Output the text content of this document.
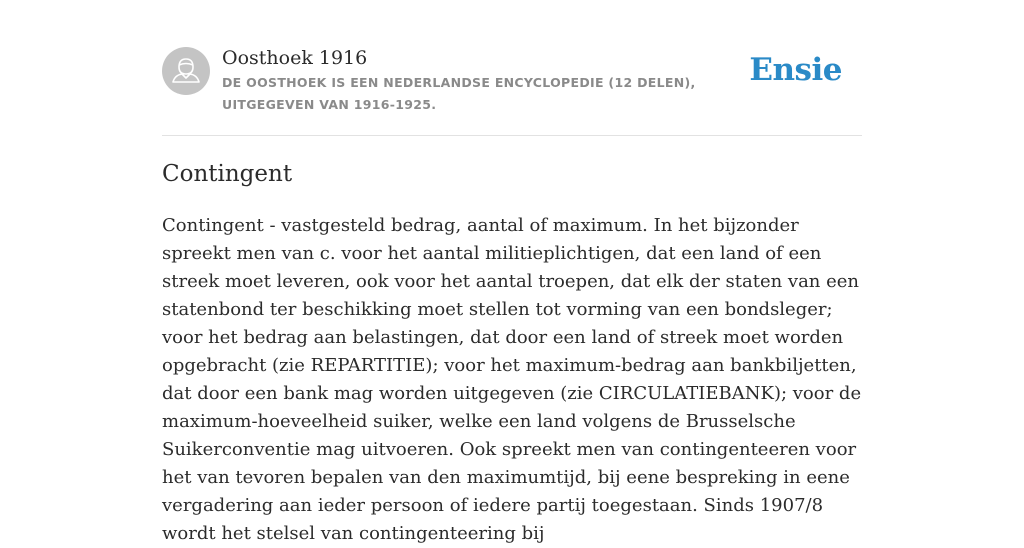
Oosthoek 1916
DE OOSTHOEK IS EEN NEDERLANDSE ENCYCLOPEDIE (12 DELEN), UITGEGEVEN VAN 1916-1925.
Ensie
Contingent

Contingent - vastgesteld bedrag, aantal of maximum. In het bijzonder spreekt men van c. voor het aantal militieplichtigen, dat een land of een streek moet leveren, ook voor het aantal troepen, dat elk der staten van een statenbond ter beschikking moet stellen tot vorming van een bondsleger; voor het bedrag aan belastingen, dat door een land of streek moet worden opgebracht (zie REPARTITIE); voor het maximum-bedrag aan bankbiljetten, dat door een bank mag worden uitgegeven (zie CIRCULATIEBANK); voor de maximum-hoeveelheid suiker, welke een land volgens de Brusselsche Suikerconventie mag uitvoeren. Ook spreekt men van contingenteeren voor het van tevoren bepalen van den maximumtijd, bij eene bespreking in eene vergadering aan ieder persoon of iedere partij toegestaan. Sinds 1907/8 wordt het stelsel van contingenteering bij
